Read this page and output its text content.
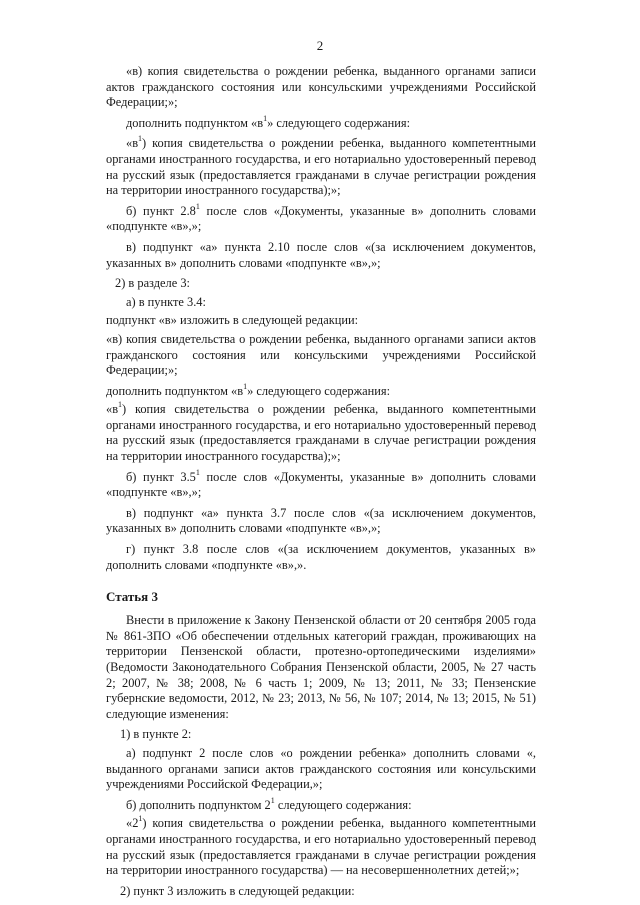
2

«в) копия свидетельства о рождении ребенка, выданного органами записи актов гражданского состояния или консульскими учреждениями Российской Федерации;»;

дополнить подпунктом «$в^1$» следующего содержания:

«$в^1$) копия свидетельства о рождении ребенка, выданного компетентными органами иностранного государства, и его нотариально удостоверенный перевод на русский язык (предоставляется гражданами в случае регистрации рождения на территории иностранного государства);»;

б) пункт $2.8^1$ после слов «Документы, указанные в» дополнить словами «подпункте «в»,»;

в) подпункт «а» пункта 2.10 после слов «(за исключением документов, указанных в» дополнить словами «подпункте «в»,»;

2) в разделе 3:

а) в пункте 3.4:

подпункт «в» изложить в следующей редакции:

«в) копия свидетельства о рождении ребенка, выданного органами записи актов гражданского состояния или консульскими учреждениями Российской Федерации;»;

дополнить подпунктом «$в^1$» следующего содержания:

«$в^1$) копия свидетельства о рождении ребенка, выданного компетентными органами иностранного государства, и его нотариально удостоверенный перевод на русский язык (предоставляется гражданами в случае регистрации рождения на территории иностранного государства);»;

б) пункт $3.5^1$ после слов «Документы, указанные в» дополнить словами «подпункте «в»,»;

в) подпункт «а» пункта 3.7 после слов «(за исключением документов, указанных в» дополнить словами «подпункте «в»,»;

г) пункт 3.8 после слов «(за исключением документов, указанных в» дополнить словами «подпункте «в»,».

Статья 3

Внести в приложение к Закону Пензенской области от 20 сентября 2005 года № 861-ЗПО «Об обеспечении отдельных категорий граждан, проживающих на территории Пензенской области, протезно-ортопедическими изделиями» (Ведомости Законодательного Собрания Пензенской области, 2005, № 27 часть 2; 2007, № 38; 2008, № 6 часть 1; 2009, № 13; 2011, № 33; Пензенские губернские ведомости, 2012, № 23; 2013, № 56, № 107; 2014, № 13; 2015, № 51) следующие изменения:

1) в пункте 2:

а) подпункт 2 после слов «о рождении ребенка» дополнить словами «, выданного органами записи актов гражданского состояния или консульскими учреждениями Российской Федерации,»;

б) дополнить подпунктом $2^1$ следующего содержания:

«$2^1$) копия свидетельства о рождении ребенка, выданного компетентными органами иностранного государства, и его нотариально удостоверенный перевод на русский язык (предоставляется гражданами в случае регистрации рождения на территории иностранного государства) — на несовершеннолетних детей;»;

2) пункт 3 изложить в следующей редакции:
